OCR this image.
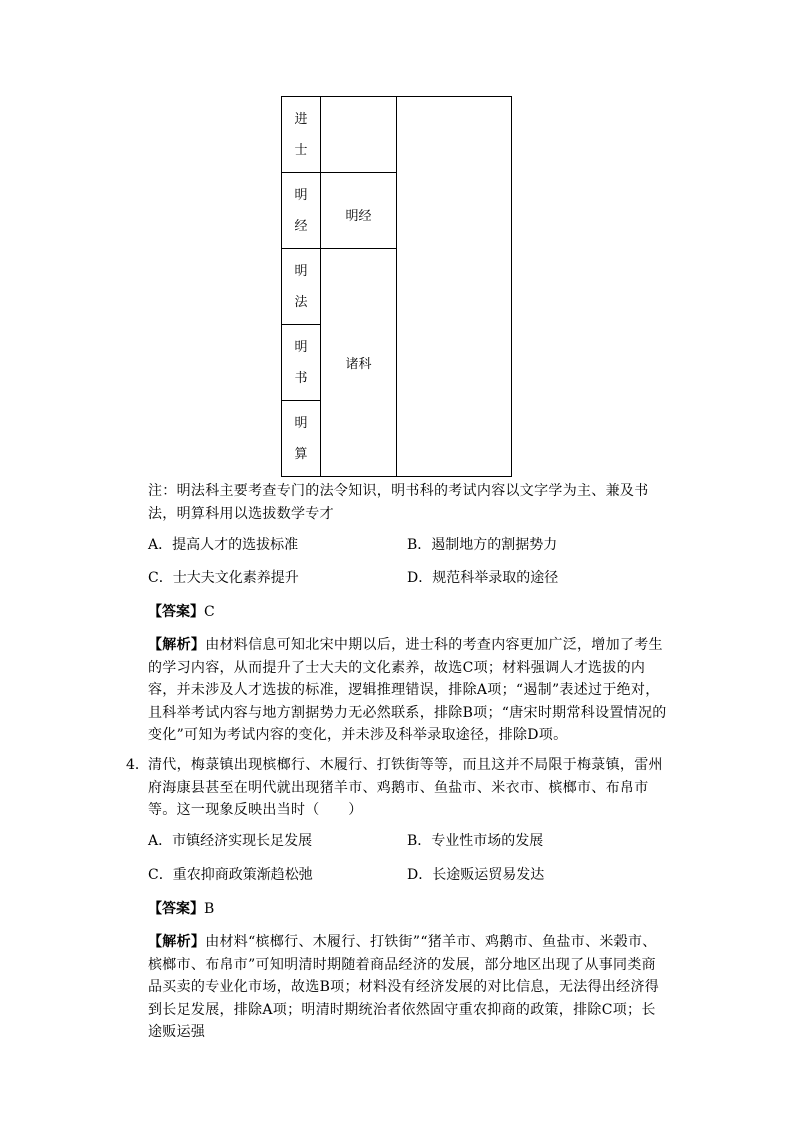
进
士		

明
经	明经	

明
法	诸科	

明
书		

明
算		
注：明法科主要考查专门的法令知识，明书科的考试内容以文字学为主、兼及书法，明算科用以选拔数学专才
A．提高人才的选拔标准	B．遏制地方的割据势力
C．士大夫文化素养提升	D．规范科举录取的途径
【答案】C
【解析】由材料信息可知北宋中期以后，进士科的考查内容更加广泛，增加了考生的学习内容，从而提升了士大夫的文化素养，故选C项；材料强调人才选拔的内容，并未涉及人才选拔的标准，逻辑推理错误，排除A项；“遏制”表述过于绝对，且科举考试内容与地方割据势力无必然联系，排除B项；“唐宋时期常科设置情况的变化”可知为考试内容的变化，并未涉及科举录取途径，排除D项。
4． 清代，梅菉镇出现槟榔行、木履行、打铁街等等，而且这并不局限于梅菉镇，雷州府海康县甚至在明代就出现猪羊市、鸡鹅市、鱼盐市、米衣市、槟榔市、布帛市等。这一现象反映出当时（　　）
A．市镇经济实现长足发展	B．专业性市场的发展
C．重农抑商政策渐趋松弛	D．长途贩运贸易发达
【答案】B
【解析】由材料“槟榔行、木履行、打铁街”“猪羊市、鸡鹅市、鱼盐市、米榖市、槟榔市、布帛市”可知明清时期随着商品经济的发展，部分地区出现了从事同类商品买卖的专业化市场，故选B项；材料没有经济发展的对比信息，无法得出经济得到长足发展，排除A项；明清时期统治者依然固守重农抑商的政策，排除C项；长途贩运强
